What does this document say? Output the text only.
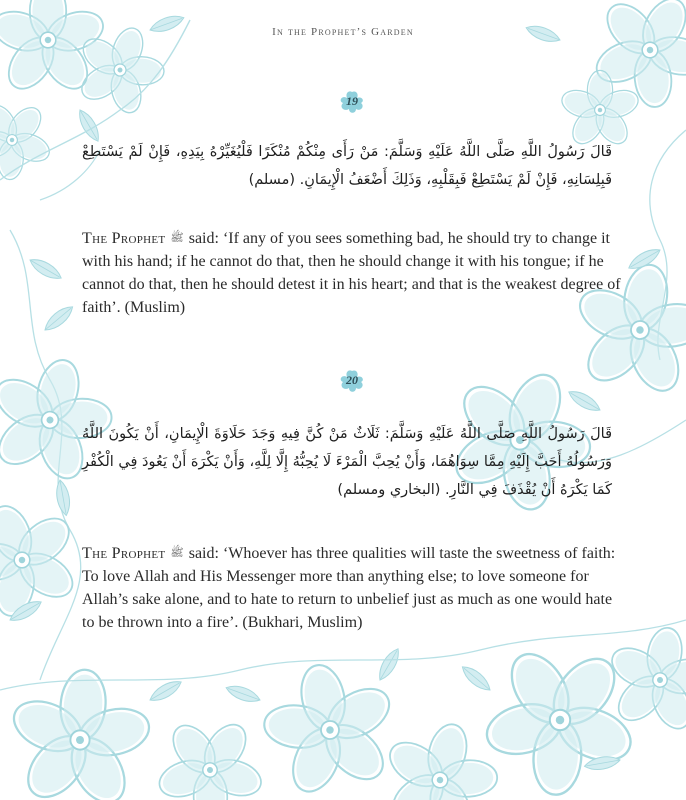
In the Prophet’s Garden
19
قَالَ رَسُولُ اللَّهِ صَلَّى اللَّهُ عَلَيْهِ وَسَلَّمَ: مَنْ رَأَى مِنْكُمْ مُنْكَرًا فَلْيُغَيِّرْهُ بِيَدِهِ، فَإِنْ لَمْ يَسْتَطِعْ فَبِلِسَانِهِ، فَإِنْ لَمْ يَسْتَطِعْ فَبِقَلْبِهِ، وَذَلِكَ أَضْعَفُ الْإِيمَانِ. (مسلم)
The Prophet ﷺ said: ‘If any of you sees something bad, he should try to change it with his hand; if he cannot do that, then he should change it with his tongue; if he cannot do that, then he should detest it in his heart; and that is the weakest degree of faith’. (Muslim)
20
قَالَ رَسُولُ اللَّهِ صَلَّى اللَّهُ عَلَيْهِ وَسَلَّمَ: ثَلَاثٌ مَنْ كُنَّ فِيهِ وَجَدَ حَلَاوَةَ الْإِيمَانِ، أَنْ يَكُونَ اللَّهُ وَرَسُولُهُ أَحَبَّ إِلَيْهِ مِمَّا سِوَاهُمَا، وَأَنْ يُحِبَّ الْمَرْءَ لَا يُحِبُّهُ إِلَّا لِلَّهِ، وَأَنْ يَكْرَهَ أَنْ يَعُودَ فِي الْكُفْرِ كَمَا يَكْرَهُ أَنْ يُقْذَفَ فِي النَّارِ. (البخاري ومسلم)
The Prophet ﷺ said: ‘Whoever has three qualities will taste the sweetness of faith: To love Allah and His Messenger more than anything else; to love someone for Allah’s sake alone, and to hate to return to unbelief just as much as one would hate to be thrown into a fire’. (Bukhari, Muslim)
